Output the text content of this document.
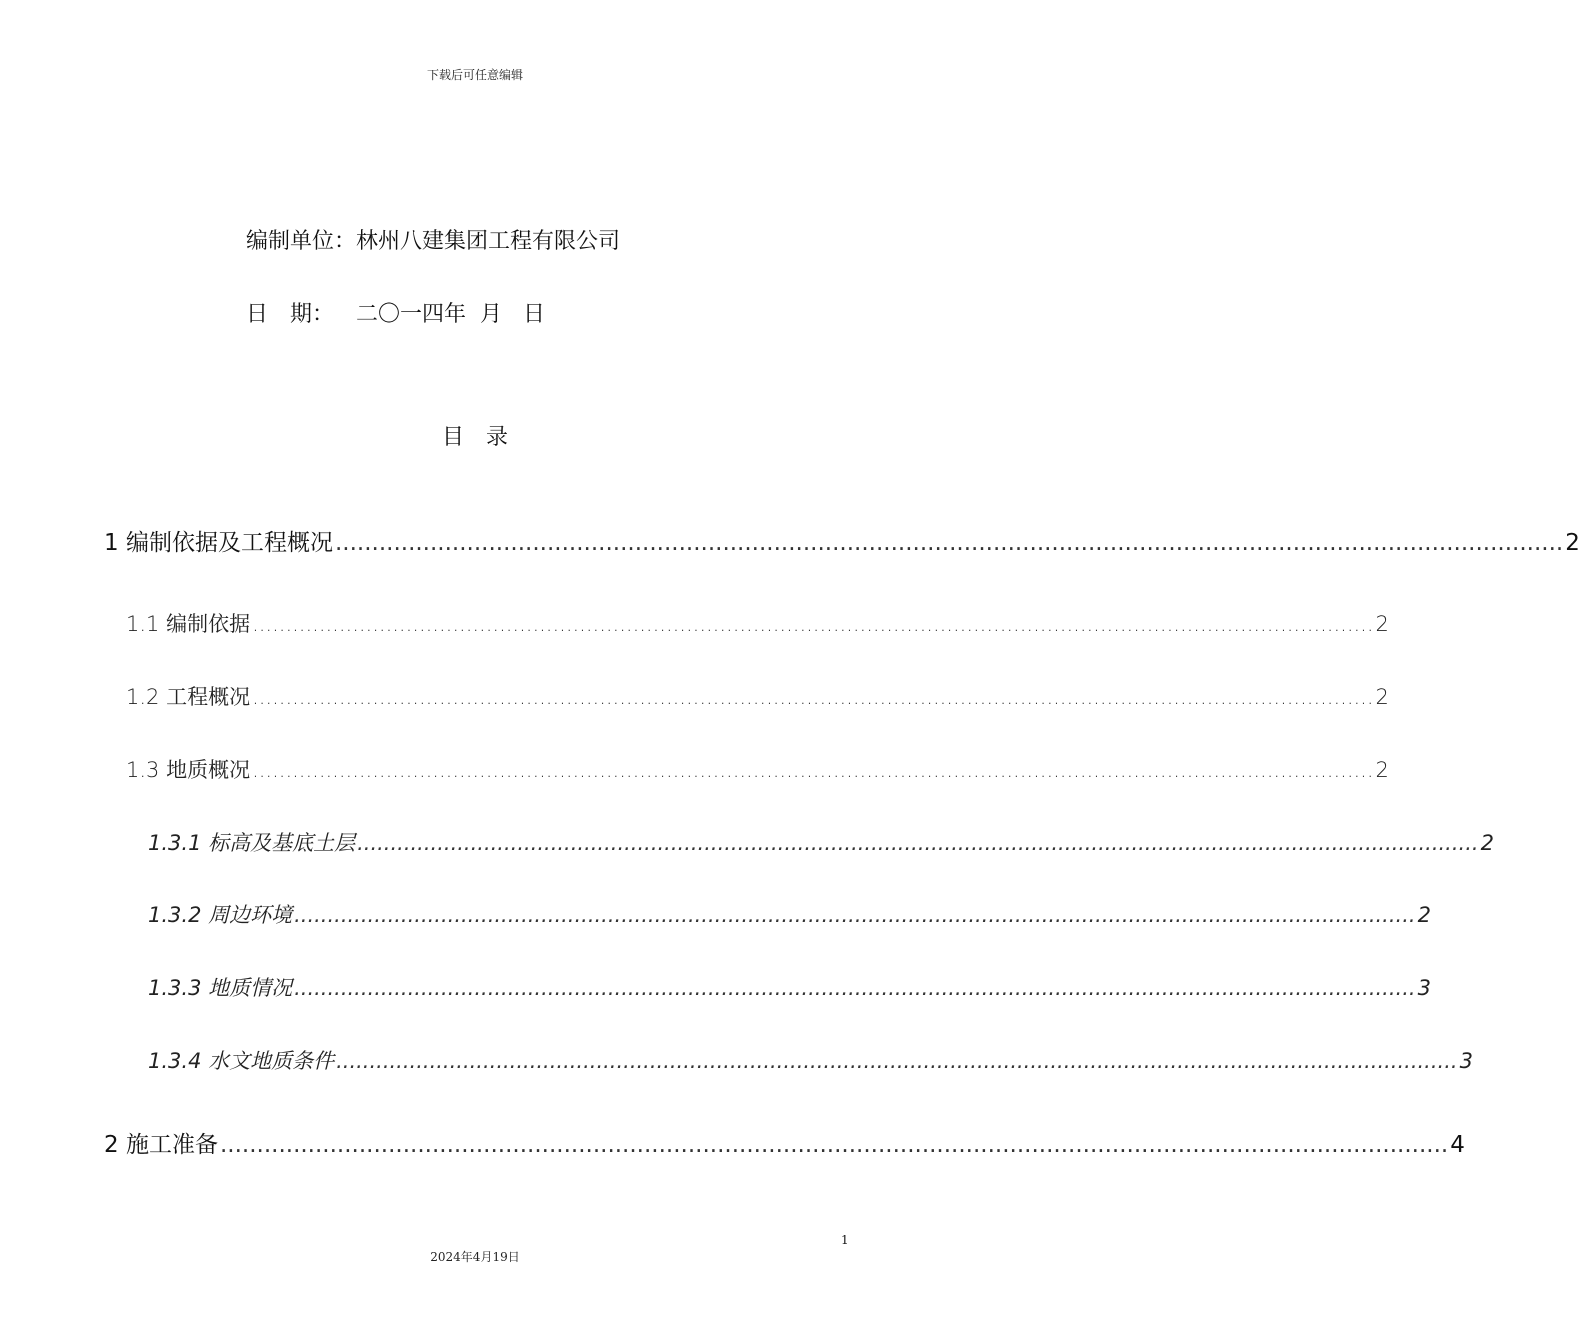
下载后可任意编辑
编制单位：林州八建集团工程有限公司
日　期： 二〇一四年  月   日
目　录
1 编制依据及工程概况 ........................................................................................................................................................................ 2
1.1 编制依据 ........................................................................................................................................................................ 2
1.2 工程概况 ........................................................................................................................................................................ 2
1.3 地质概况 ........................................................................................................................................................................ 2
1.3.1 标高及基底土层 ........................................................................................................................................................................ 2
1.3.2 周边环境 ........................................................................................................................................................................ 2
1.3.3 地质情况 ........................................................................................................................................................................ 3
1.3.4 水文地质条件 ........................................................................................................................................................................ 3
2 施工准备 ........................................................................................................................................................................ 4
1
2024年4月19日
